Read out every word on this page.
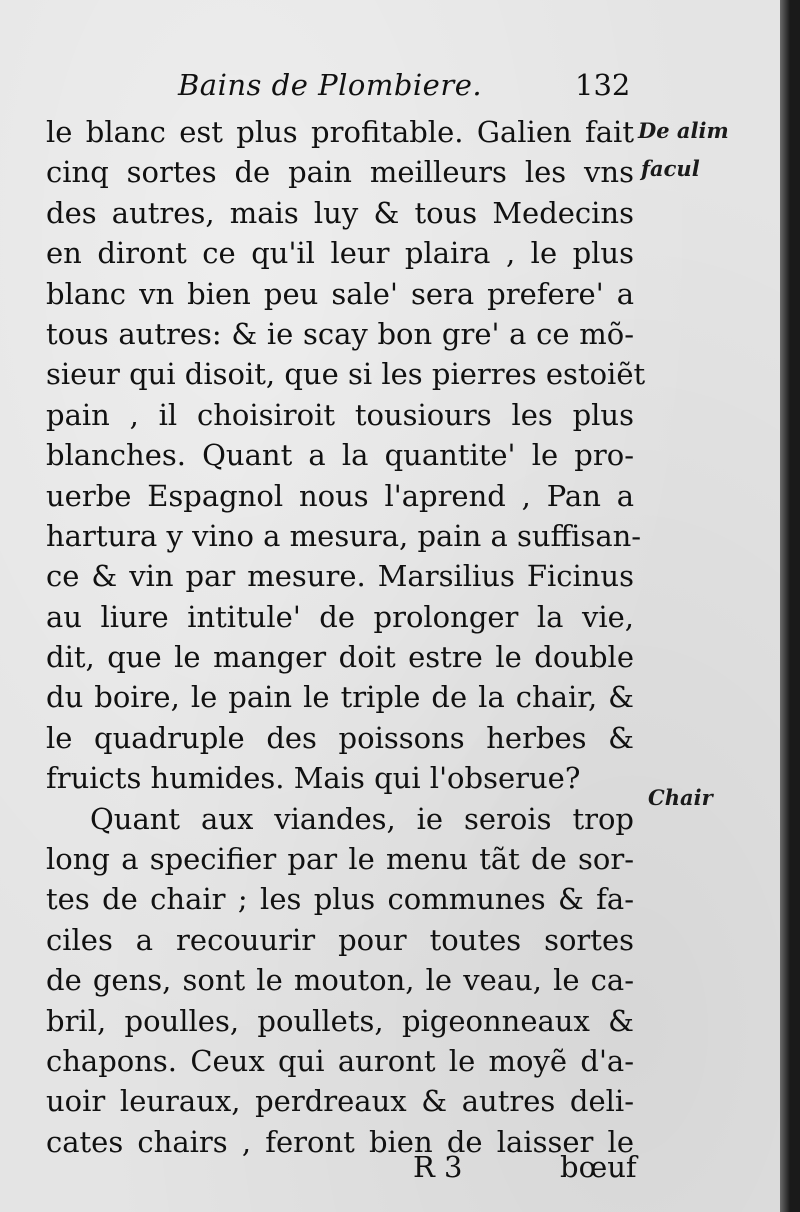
Bains de Plombiere.	132
De alim
facul
Chair
le blanc est plus profitable. Galien fait
cinq sortes de pain meilleurs les vns
des autres, mais luy & tous Medecins
en diront ce qu'il leur plaira , le plus
blanc vn bien peu sale' sera prefere' a
tous autres: & ie scay bon gre' a ce mõ-
sieur qui disoit, que si les pierres estoiẽt
pain , il choisiroit tousiours les plus
blanches. Quant a la quantite' le pro-
uerbe Espagnol nous l'aprend , Pan a
hartura y vino a mesura, pain a suffisan-
ce & vin par mesure. Marsilius Ficinus
au liure intitule' de prolonger la vie,
dit, que le manger doit estre le double
du boire, le pain le triple de la chair, &
le quadruple des poissons herbes &
fruicts humides. Mais qui l'obserue?
Quant aux viandes, ie serois trop
long a specifier par le menu tãt de sor-
tes de chair ; les plus communes & fa-
ciles a recouurir pour toutes sortes
de gens, sont le mouton, le veau, le ca-
bril, poulles, poullets, pigeonneaux &
chapons. Ceux qui auront le moyẽ d'a-
uoir leuraux, perdreaux & autres deli-
cates chairs , feront bien de laisser le
R 3	bœuf
